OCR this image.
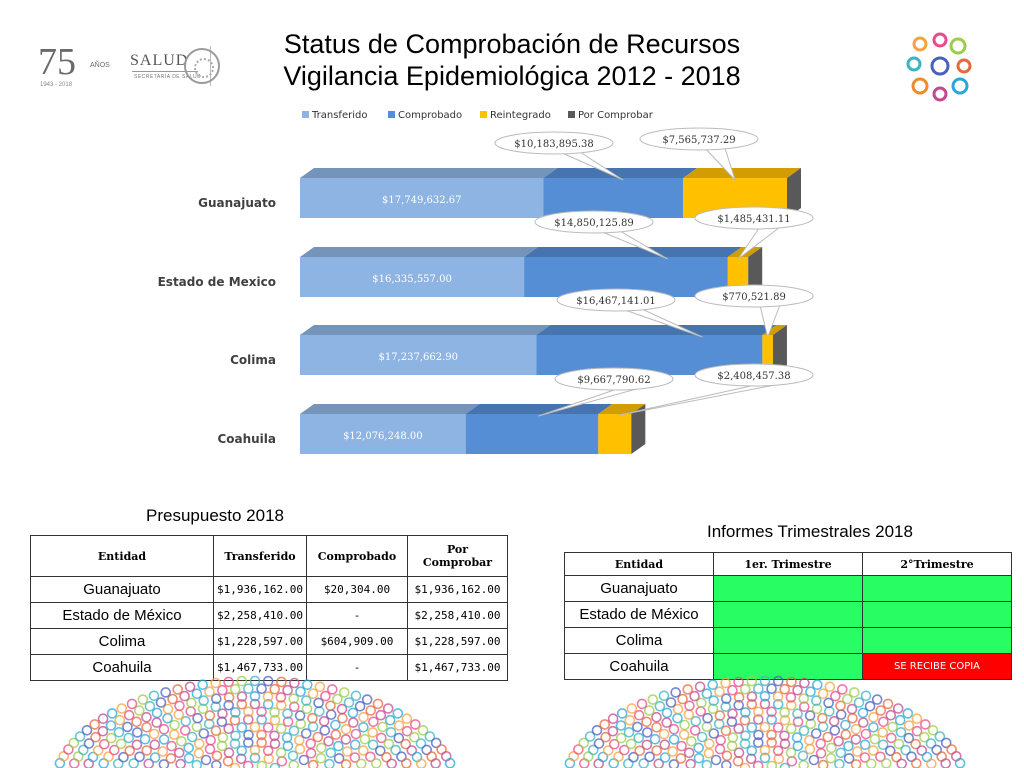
Status de Comprobación de Recursos
Vigilancia Epidemiológica 2012 - 2018
75 AÑOS
1943 - 2018
SALUD
SECRETARÍA DE SALUD
Transferido	Comprobado	Reintegrado	Por Comprobar
Guanajuato	$17,749,632.67
$10,183,895.38	$7,565,737.29
Estado de Mexico	$16,335,557.00
$14,850,125.89	$1,485,431.11
Colima	$17,237,662.90
$16,467,141.01	$770,521.89
Coahuila	$12,076,248.00
$9,667,790.62	$2,408,457.38
Presupuesto 2018
Entidad	Transferido	Comprobado	Por
Comprobar
Guanajuato	$1,936,162.00	$20,304.00	$1,936,162.00
Estado de México	$2,258,410.00	-	$2,258,410.00
Colima	$1,228,597.00	$604,909.00	$1,228,597.00
Coahuila	$1,467,733.00	-	$1,467,733.00
Informes Trimestrales 2018
Entidad	1er. Trimestre	2°Trimestre
Guanajuato		
Estado de México		
Colima		
Coahuila		SE RECIBE COPIA
